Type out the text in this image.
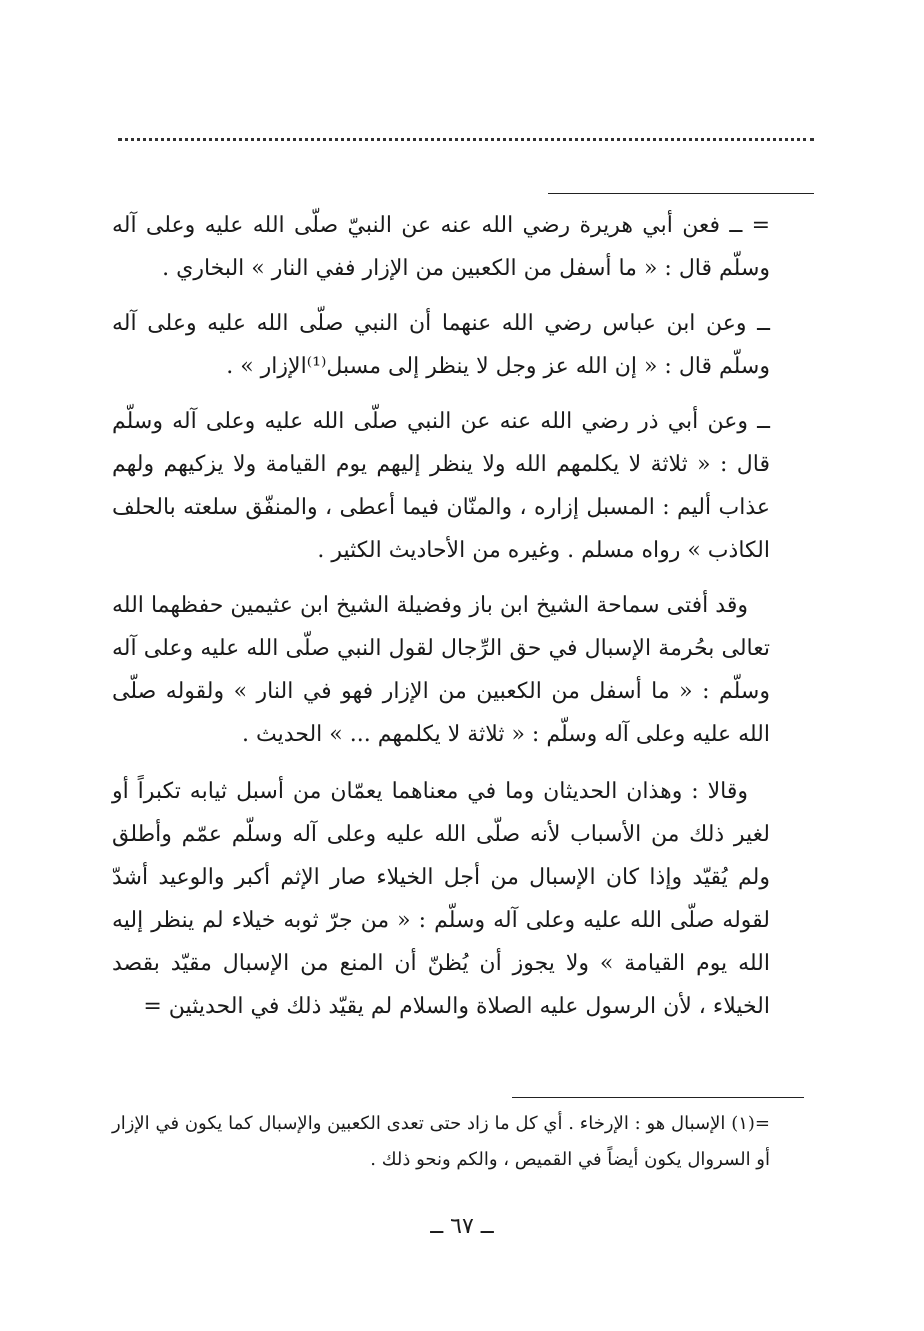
= ــ فعن أبي هريرة رضي الله عنه عن النبيّ صلّى الله عليه وعلى آله وسلّم قال : « ما أسفل من الكعبين من الإزار ففي النار » البخاري .

ــ وعن ابن عباس رضي الله عنهما أن النبي صلّى الله عليه وعلى آله وسلّم قال : « إن الله عز وجل لا ينظر إلى مسبل⁽¹⁾الإزار » .

ــ وعن أبي ذر رضي الله عنه عن النبي صلّى الله عليه وعلى آله وسلّم قال : « ثلاثة لا يكلمهم الله ولا ينظر إليهم يوم القيامة ولا يزكيهم ولهم عذاب أليم : المسبل إزاره ، والمنّان فيما أعطى ، والمنفّق سلعته بالحلف الكاذب » رواه مسلم . وغيره من الأحاديث الكثير .

وقد أفتى سماحة الشيخ ابن باز وفضيلة الشيخ ابن عثيمين حفظهما الله تعالى بحُرمة الإسبال في حق الرِّجال لقول النبي صلّى الله عليه وعلى آله وسلّم : « ما أسفل من الكعبين من الإزار فهو في النار » ولقوله صلّى الله عليه وعلى آله وسلّم : « ثلاثة لا يكلمهم ... » الحديث .

وقالا : وهذان الحديثان وما في معناهما يعمّان من أسبل ثيابه تكبراً أو لغير ذلك من الأسباب لأنه صلّى الله عليه وعلى آله وسلّم عمّم وأطلق ولم يُقيّد وإذا كان الإسبال من أجل الخيلاء صار الإثم أكبر والوعيد أشدّ لقوله صلّى الله عليه وعلى آله وسلّم : « من جرّ ثوبه خيلاء لم ينظر إليه الله يوم القيامة » ولا يجوز أن يُظنّ أن المنع من الإسبال مقيّد بقصد الخيلاء ، لأن الرسول عليه الصلاة والسلام لم يقيّد ذلك في الحديثين =

=(١) الإسبال هو : الإرخاء . أي كل ما زاد حتى تعدى الكعبين والإسبال كما يكون في الإزار أو السروال يكون أيضاً في القميص ، والكم ونحو ذلك .

ــ ٦٧ ــ
